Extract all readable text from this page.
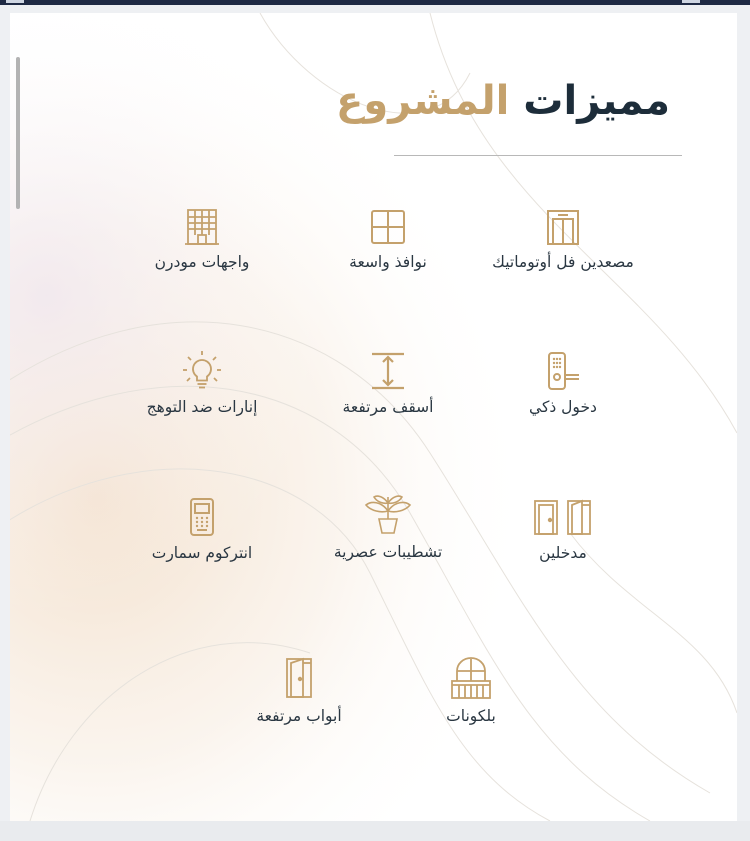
مميزات المشروع
مصعدين فل أوتوماتيك
نوافذ واسعة
واجهات مودرن
دخول ذكي
أسقف مرتفعة
إنارات ضد التوهج
مدخلين
تشطيبات عصرية
انتركوم سمارت
بلكونات
أبواب مرتفعة
